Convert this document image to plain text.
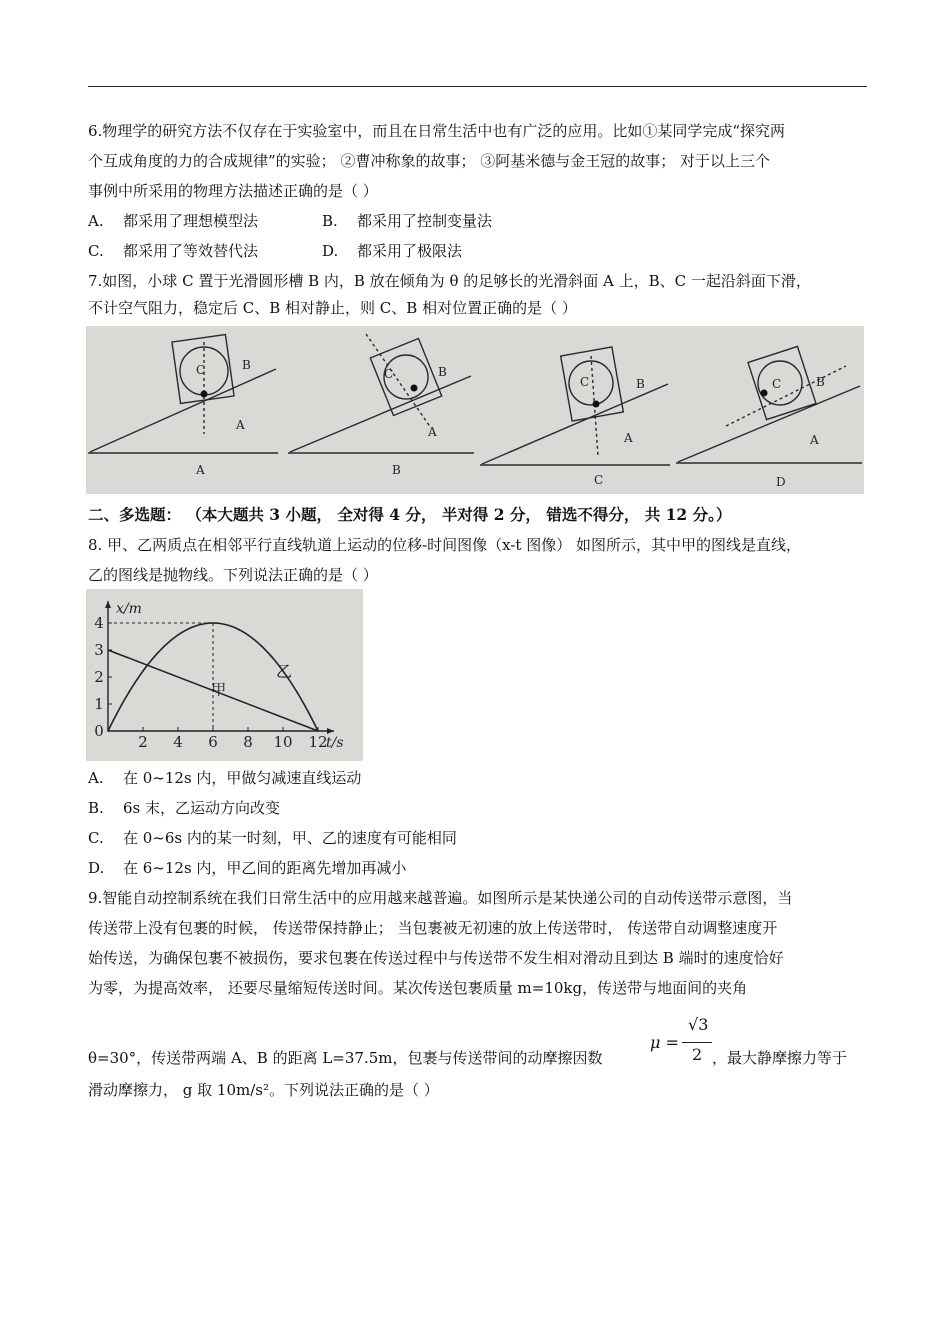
6.物理学的研究方法不仅存在于实验室中，而且在日常生活中也有广泛的应用。比如①某同学完成“探究两
个互成角度的力的合成规律”的实验； ②曹冲称象的故事； ③阿基米德与金王冠的故事； 对于以上三个
事例中所采用的物理方法描述正确的是（ ）
A. 都采用了理想模型法	B. 都采用了控制变量法
C. 都采用了等效替代法	D. 都采用了极限法
7.如图，小球 C 置于光滑圆形槽 B 内，B 放在倾角为 θ 的足够长的光滑斜面 A 上，B、C 一起沿斜面下滑，
不计空气阻力，稳定后 C、B 相对静止，则 C、B 相对位置正确的是（ ）
C	B
A
A
C	B
A
B
C	B
A
C
C	B
A
D
二、多选题： （本大题共 3 小题， 全对得 4 分， 半对得 2 分， 错选不得分， 共 12 分。）
8. 甲、乙两质点在相邻平行直线轨道上运动的位移-时间图像（x-t 图像） 如图所示，其中甲的图线是直线，
乙的图线是抛物线。下列说法正确的是（ ）
2 4 6 8 10 12
0
1
2
3
4
x/m
t/s
甲
乙
A. 在 0~12s 内，甲做匀减速直线运动
B. 6s 末，乙运动方向改变
C. 在 0~6s 内的某一时刻，甲、乙的速度有可能相同
D. 在 6~12s 内，甲乙间的距离先增加再减小
9.智能自动控制系统在我们日常生活中的应用越来越普遍。如图所示是某快递公司的自动传送带示意图，当
传送带上没有包裹的时候， 传送带保持静止； 当包裹被无初速的放上传送带时， 传送带自动调整速度开
始传送，为确保包裹不被损伤，要求包裹在传送过程中与传送带不发生相对滑动且到达 B 端时的速度恰好
为零，为提高效率， 还要尽量缩短传送时间。某次传送包裹质量 m=10kg，传送带与地面间的夹角
θ=30°，传送带两端 A、B 的距离 L=37.5m，包裹与传送带间的动摩擦因数
μ =
√3
2 ，最大静摩擦力等于
滑动摩擦力， g 取 10m/s²。下列说法正确的是（ ）
